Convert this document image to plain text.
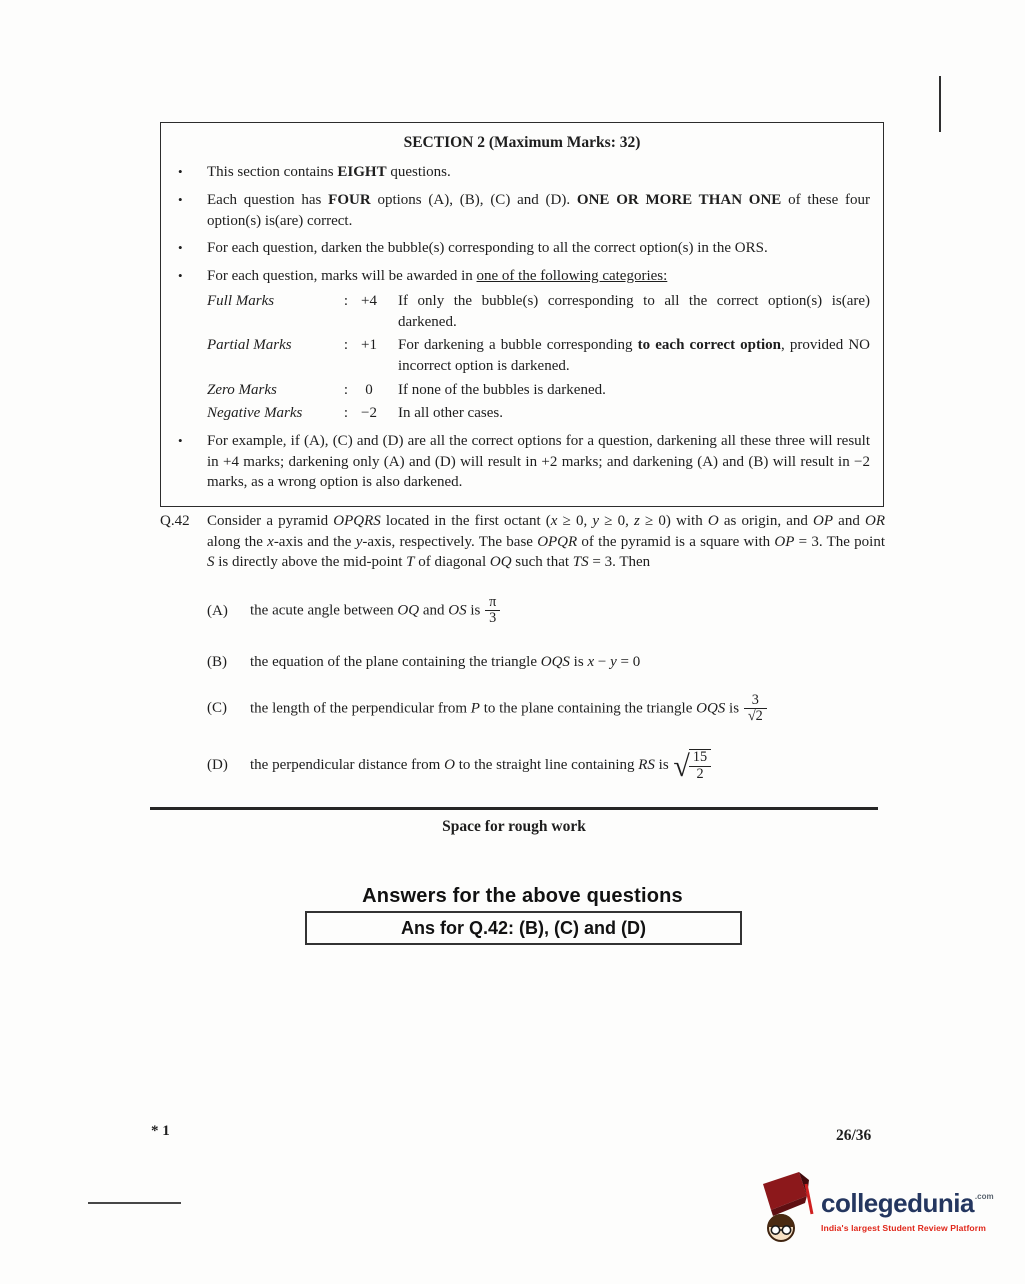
SECTION 2 (Maximum Marks: 32)
•	This section contains EIGHT questions.
•	Each question has FOUR options (A), (B), (C) and (D). ONE OR MORE THAN ONE of these four option(s) is(are) correct.
•	For each question, darken the bubble(s) corresponding to all the correct option(s) in the ORS.
•	For each question, marks will be awarded in one of the following categories:
Full Marks	: +4	If only the bubble(s) corresponding to all the correct option(s) is(are) darkened.
Partial Marks	: +1	For darkening a bubble corresponding to each correct option, provided NO incorrect option is darkened.
Zero Marks	:	0	If none of the bubbles is darkened.
Negative Marks	: −2	In all other cases.
•	For example, if (A), (C) and (D) are all the correct options for a question, darkening all these three will result in +4 marks; darkening only (A) and (D) will result in +2 marks; and darkening (A) and (B) will result in −2 marks, as a wrong option is also darkened.
Q.42	Consider a pyramid OPQRS located in the first octant (x ≥ 0, y ≥ 0, z ≥ 0) with O as origin, and OP and OR along the x-axis and the y-axis, respectively. The base OPQR of the pyramid is a square with OP = 3. The point S is directly above the mid-point T of diagonal OQ such that TS = 3. Then
(A)	the acute angle between OQ and OS is
π
3
(B)	the equation of the plane containing the triangle OQS is x − y = 0
(C)	the length of the perpendicular from P to the plane containing the triangle OQS is
3
√2
(D)	the perpendicular distance from O to the straight line containing RS is √ 15
2
Space for rough work
Answers for the above questions
Ans for Q.42: (B), (C) and (D)
* 1	26/36
collegedunia .com
India's largest Student Review Platform
